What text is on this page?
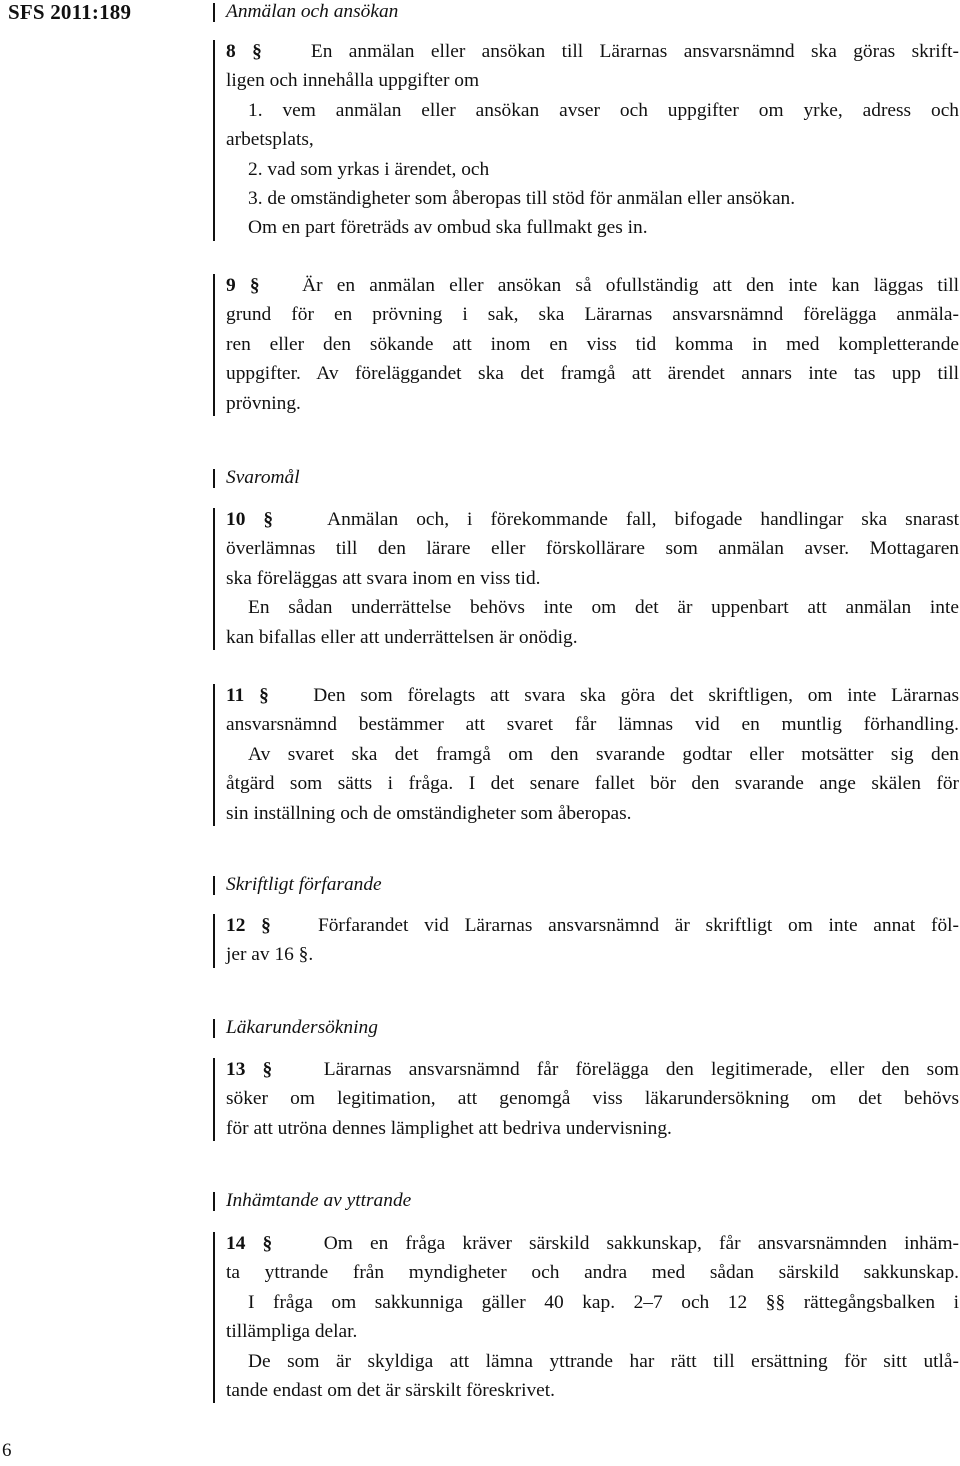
SFS 2011:189
6
Anmälan och ansökan
8 §	En anmälan eller ansökan till Lärarnas ansvarsnämnd ska göras skrift-
ligen och innehålla uppgifter om
1. vem anmälan eller ansökan avser och uppgifter om yrke, adress och
arbetsplats,
2. vad som yrkas i ärendet, och
3. de omständigheter som åberopas till stöd för anmälan eller ansökan.
Om en part företräds av ombud ska fullmakt ges in.
9 § Är en anmälan eller ansökan så ofullständig att den inte kan läggas till
grund för en prövning i sak, ska Lärarnas ansvarsnämnd förelägga anmäla-
ren eller den sökande att inom en viss tid komma in med kompletterande
uppgifter. Av föreläggandet ska det framgå att ärendet annars inte tas upp till
prövning.
Svaromål
10 §	Anmälan och, i förekommande fall, bifogade handlingar ska snarast
överlämnas till den lärare eller förskollärare som anmälan avser. Mottagaren
ska föreläggas att svara inom en viss tid.
En sådan underrättelse behövs inte om det är uppenbart att anmälan inte
kan bifallas eller att underrättelsen är onödig.
11 § Den som förelagts att svara ska göra det skriftligen, om inte Lärarnas
ansvarsnämnd bestämmer att svaret får lämnas vid en muntlig förhandling.
Av svaret ska det framgå om den svarande godtar eller motsätter sig den
åtgärd som sätts i fråga. I det senare fallet bör den svarande ange skälen för
sin inställning och de omständigheter som åberopas.
Skriftligt förfarande
12 § Förfarandet vid Lärarnas ansvarsnämnd är skriftligt om inte annat föl-
jer av 16 §.
Läkarundersökning
13 §	Lärarnas ansvarsnämnd får förelägga den legitimerade, eller den som
söker om legitimation, att genomgå viss läkarundersökning om det behövs
för att utröna dennes lämplighet att bedriva undervisning.
Inhämtande av yttrande
14 §	Om en fråga kräver särskild sakkunskap, får ansvarsnämnden inhäm-
ta yttrande från myndigheter och andra med sådan särskild sakkunskap.
I fråga om sakkunniga gäller 40 kap. 2–7 och 12 §§ rättegångsbalken i
tillämpliga delar.
De som är skyldiga att lämna yttrande har rätt till ersättning för sitt utlå-
tande endast om det är särskilt föreskrivet.
